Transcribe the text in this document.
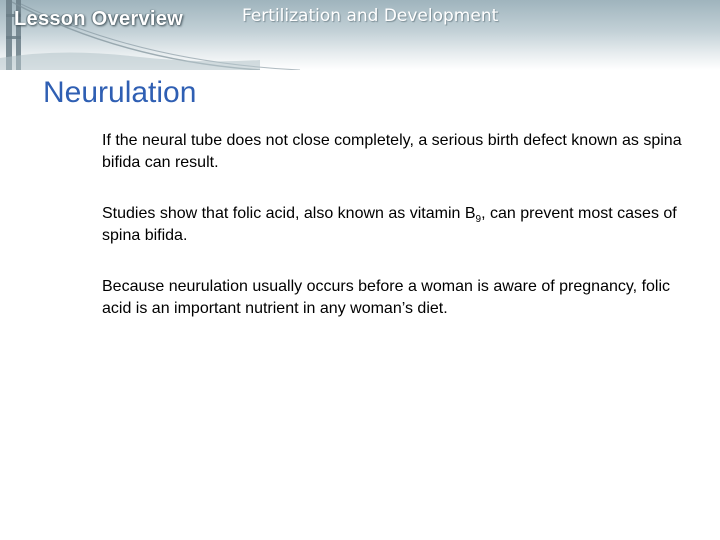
Lesson Overview	Fertilization and Development
Neurulation

If the neural tube does not close completely, a serious birth defect known as spina bifida can result.

Studies show that folic acid, also known as vitamin $B_9$, can prevent most cases of spina bifida.

Because neurulation usually occurs before a woman is aware of pregnancy, folic acid is an important nutrient in any woman’s diet.
